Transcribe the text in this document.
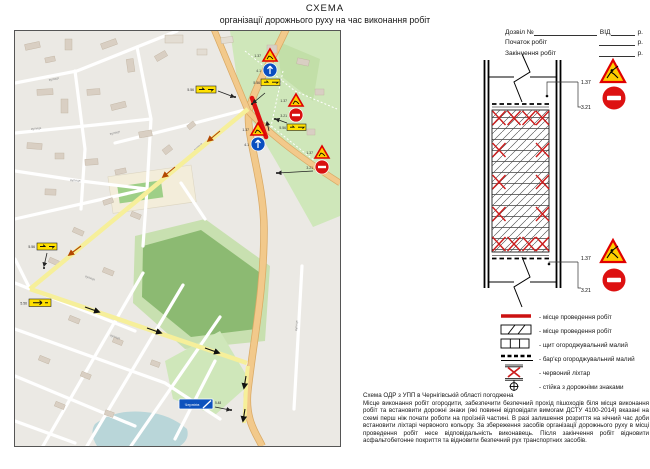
СХЕМА
організації дорожнього руху на час виконання робіт
Дозвіл №	ВІД	р.
Початок робіт	р.
Закінчення робіт	р.
вулиця
вулиця
вулиця
вулиця
вулиця
вулиця
вулиця
вулиця
1.37
4.1
5.56
1.37
3.21
5.56
1.37
4.1
1.37
3.21
5.56
5.56
5.56
Чернігів	5.48
1.37
3.21
1.37
3.21
- місце проведення робіт
- місце проведення робіт
- щит огороджувальний малий
- бар'єр огороджувальний малий
- червоний ліхтар
- стійка з дорожніми знаками
Схема ОДР з УПП в Чернігівській області погоджена
Місце виконання робіт огородити, забезпечити безпечний прохід пішоходів біля місця виконання робіт та встановити дорожні знаки (які повинні відповідати вимогам ДСТУ 4100-2014) вказані на схемі перш ніж почати роботи на проїзній частині. В разі залишення розриття на нічний час доби встановити ліхтарі червоного кольору. За збереження засобів організації дорожнього руху в місці проведення робіт несе відповідальність виконавець. Після закінчення робіт відновити асфальтобетонне покриття та відновити безпечний рух транспортних засобів.
